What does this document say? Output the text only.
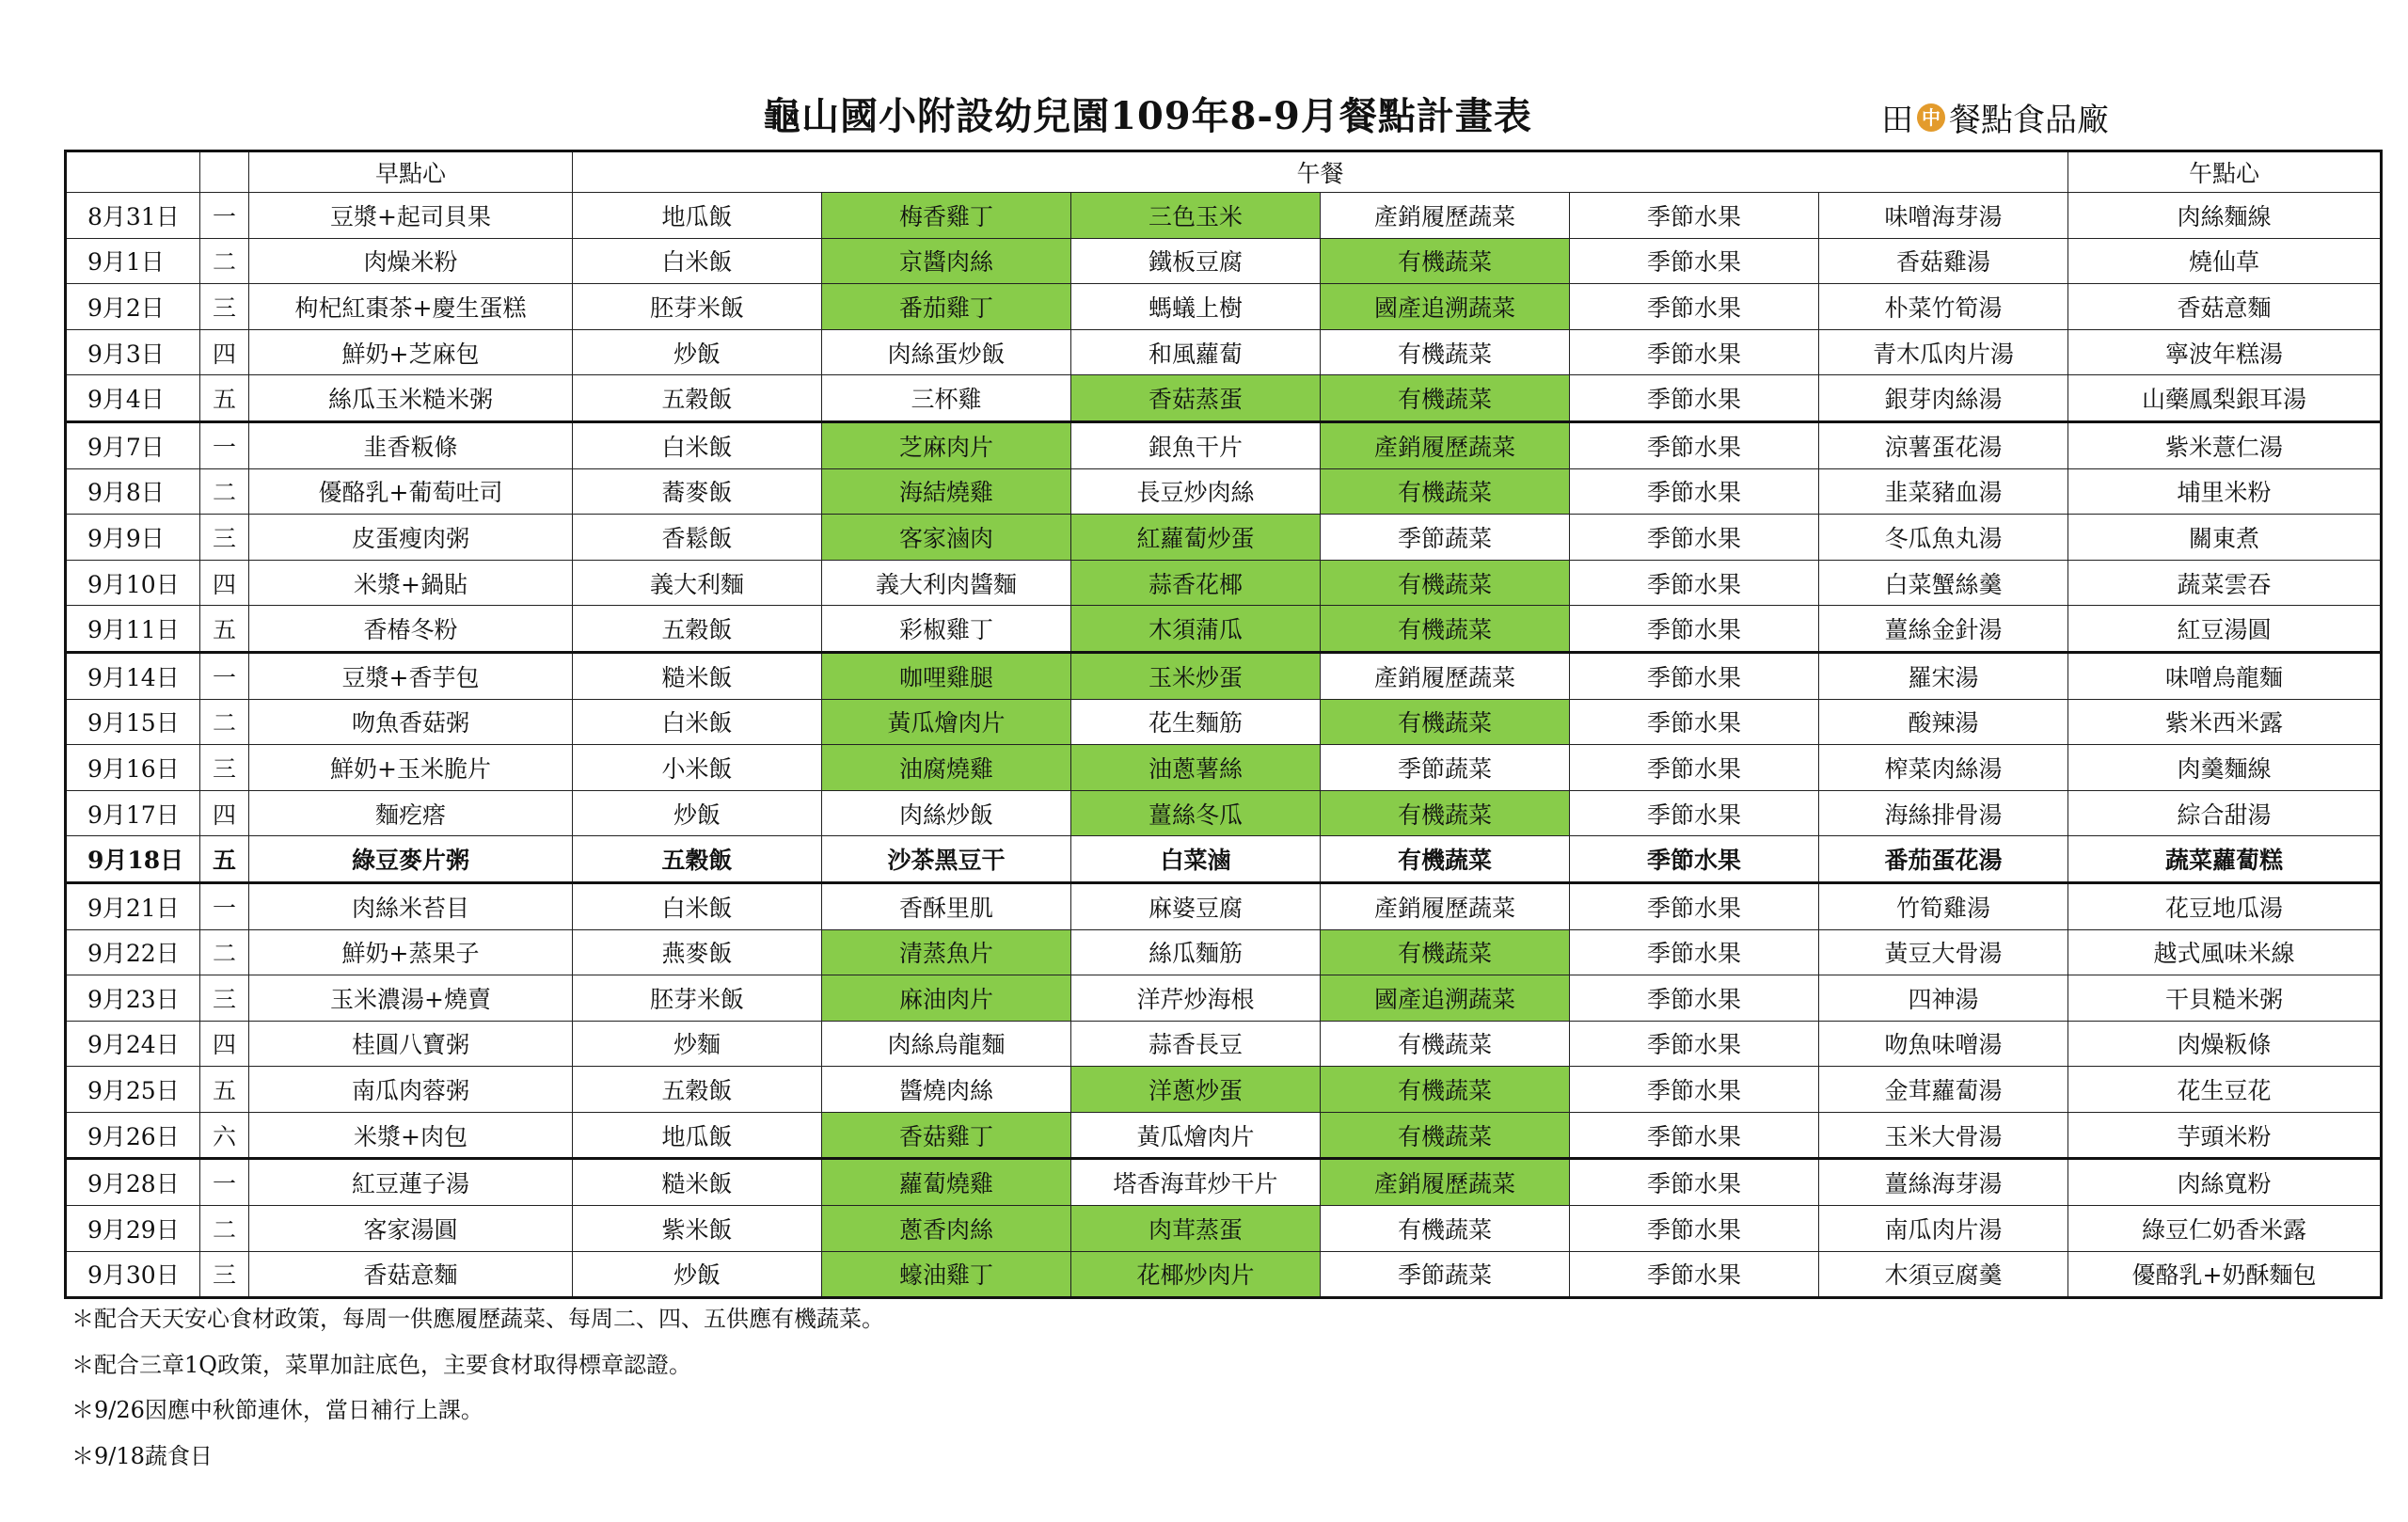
龜山國小附設幼兒園109年8-9月餐點計畫表	田 中 餐點食品廠
		早點心	午餐						午點心
8月31日	一	豆漿+起司貝果	地瓜飯	梅香雞丁	三色玉米	產銷履歷蔬菜	季節水果	味噌海芽湯	肉絲麵線
9月1日	二	肉燥米粉	白米飯	京醬肉絲	鐵板豆腐	有機蔬菜	季節水果	香菇雞湯	燒仙草
9月2日	三	枸杞紅棗茶+慶生蛋糕	胚芽米飯	番茄雞丁	螞蟻上樹	國產追溯蔬菜	季節水果	朴菜竹筍湯	香菇意麵
9月3日	四	鮮奶+芝麻包	炒飯	肉絲蛋炒飯	和風蘿蔔	有機蔬菜	季節水果	青木瓜肉片湯	寧波年糕湯
9月4日	五	絲瓜玉米糙米粥	五穀飯	三杯雞	香菇蒸蛋	有機蔬菜	季節水果	銀芽肉絲湯	山藥鳳梨銀耳湯
9月7日	一	韭香粄條	白米飯	芝麻肉片	銀魚干片	產銷履歷蔬菜	季節水果	涼薯蛋花湯	紫米薏仁湯
9月8日	二	優酪乳+葡萄吐司	蕎麥飯	海結燒雞	長豆炒肉絲	有機蔬菜	季節水果	韭菜豬血湯	埔里米粉
9月9日	三	皮蛋瘦肉粥	香鬆飯	客家滷肉	紅蘿蔔炒蛋	季節蔬菜	季節水果	冬瓜魚丸湯	關東煮
9月10日	四	米漿+鍋貼	義大利麵	義大利肉醬麵	蒜香花椰	有機蔬菜	季節水果	白菜蟹絲羹	蔬菜雲吞
9月11日	五	香椿冬粉	五穀飯	彩椒雞丁	木須蒲瓜	有機蔬菜	季節水果	薑絲金針湯	紅豆湯圓
9月14日	一	豆漿+香芋包	糙米飯	咖哩雞腿	玉米炒蛋	產銷履歷蔬菜	季節水果	羅宋湯	味噌烏龍麵
9月15日	二	吻魚香菇粥	白米飯	黃瓜燴肉片	花生麵筋	有機蔬菜	季節水果	酸辣湯	紫米西米露
9月16日	三	鮮奶+玉米脆片	小米飯	油腐燒雞	油蔥薯絲	季節蔬菜	季節水果	榨菜肉絲湯	肉羹麵線
9月17日	四	麵疙瘩	炒飯	肉絲炒飯	薑絲冬瓜	有機蔬菜	季節水果	海絲排骨湯	綜合甜湯
9月18日	五	綠豆麥片粥	五穀飯	沙茶黑豆干	白菜滷	有機蔬菜	季節水果	番茄蛋花湯	蔬菜蘿蔔糕
9月21日	一	肉絲米苔目	白米飯	香酥里肌	麻婆豆腐	產銷履歷蔬菜	季節水果	竹筍雞湯	花豆地瓜湯
9月22日	二	鮮奶+蒸果子	燕麥飯	清蒸魚片	絲瓜麵筋	有機蔬菜	季節水果	黃豆大骨湯	越式風味米線
9月23日	三	玉米濃湯+燒賣	胚芽米飯	麻油肉片	洋芹炒海根	國產追溯蔬菜	季節水果	四神湯	干貝糙米粥
9月24日	四	桂圓八寶粥	炒麵	肉絲烏龍麵	蒜香長豆	有機蔬菜	季節水果	吻魚味噌湯	肉燥粄條
9月25日	五	南瓜肉蓉粥	五穀飯	醬燒肉絲	洋蔥炒蛋	有機蔬菜	季節水果	金茸蘿蔔湯	花生豆花
9月26日	六	米漿+肉包	地瓜飯	香菇雞丁	黃瓜燴肉片	有機蔬菜	季節水果	玉米大骨湯	芋頭米粉
9月28日	一	紅豆蓮子湯	糙米飯	蘿蔔燒雞	塔香海茸炒干片	產銷履歷蔬菜	季節水果	薑絲海芽湯	肉絲寬粉
9月29日	二	客家湯圓	紫米飯	蔥香肉絲	肉茸蒸蛋	有機蔬菜	季節水果	南瓜肉片湯	綠豆仁奶香米露
9月30日	三	香菇意麵	炒飯	蠔油雞丁	花椰炒肉片	季節蔬菜	季節水果	木須豆腐羹	優酪乳+奶酥麵包
＊配合天天安心食材政策，每周一供應履歷蔬菜、每周二、四、五供應有機蔬菜。
＊配合三章1Q政策，菜單加註底色，主要食材取得標章認證。
＊9/26因應中秋節連休，當日補行上課。
＊9/18蔬食日
